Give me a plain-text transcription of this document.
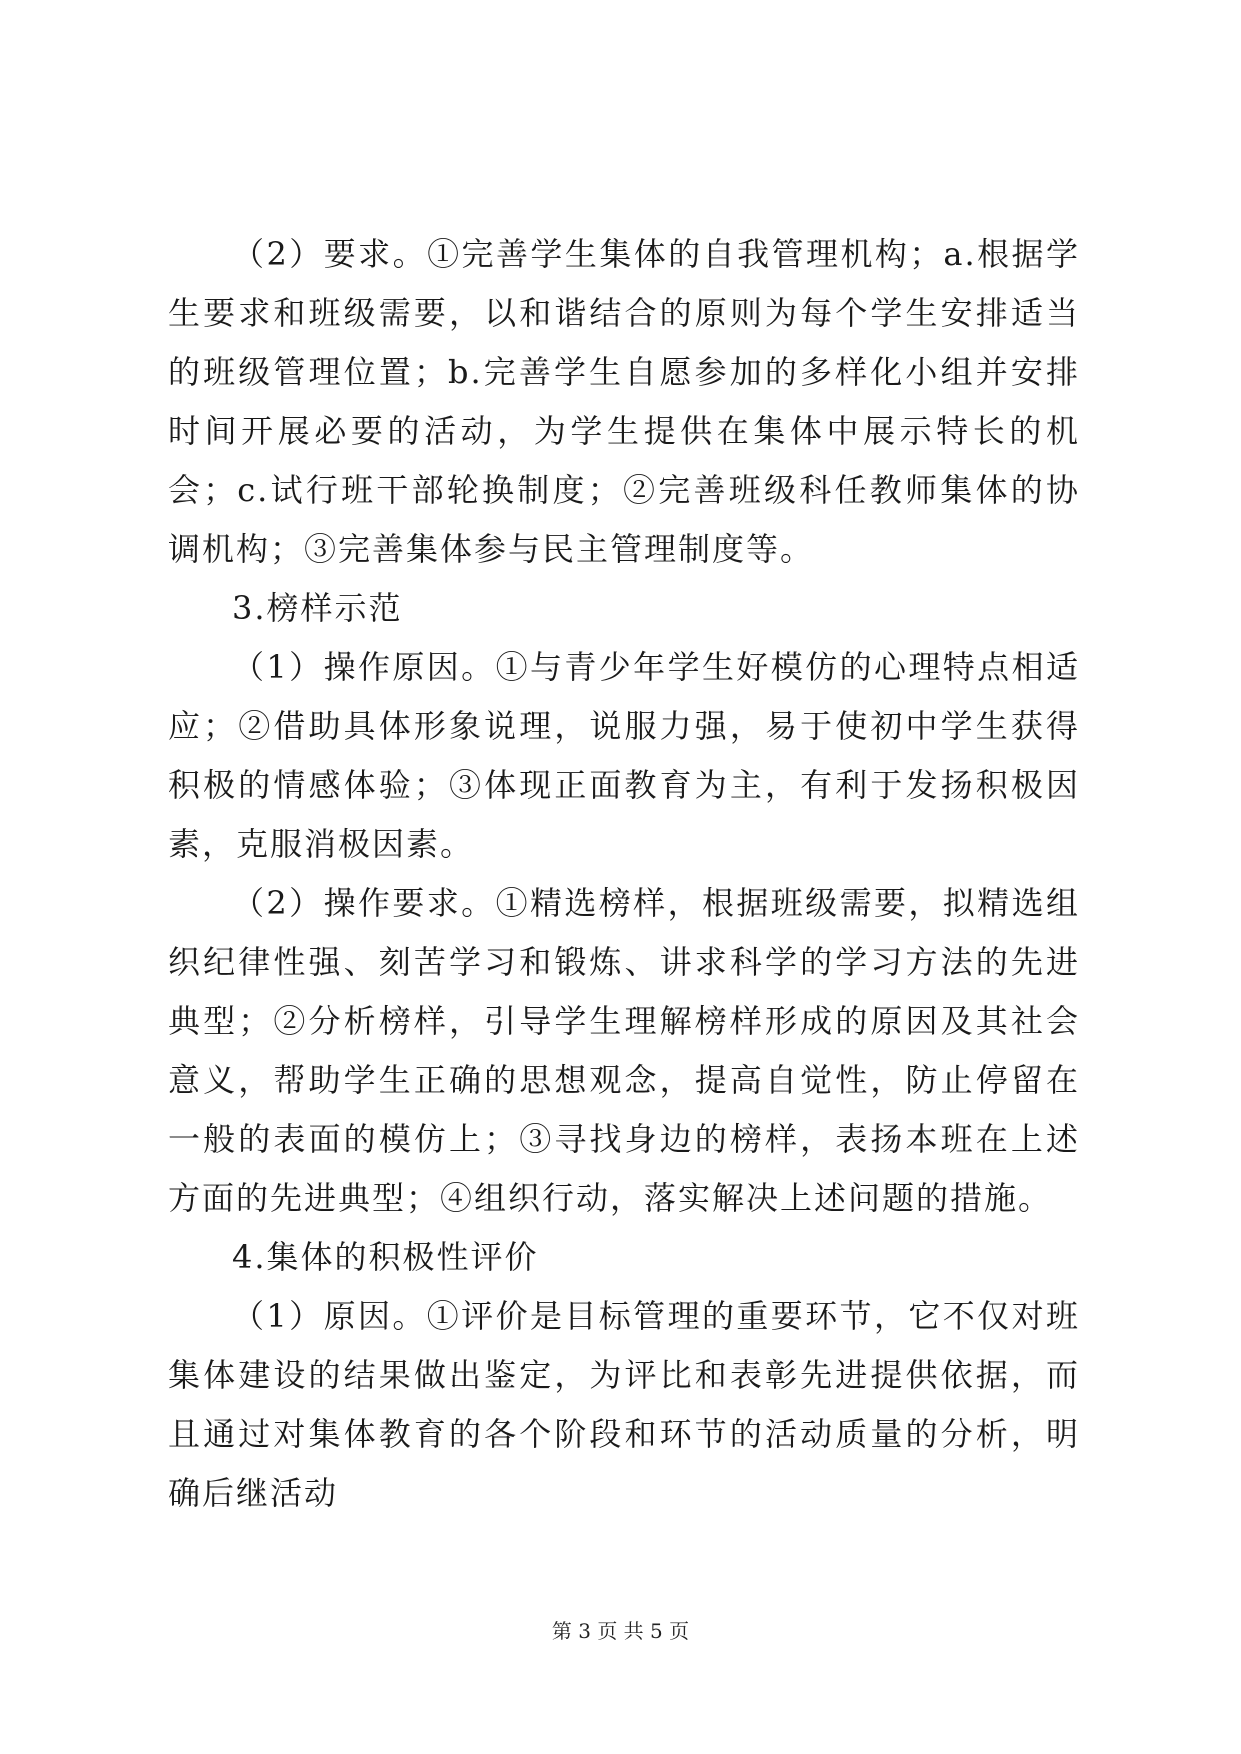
（2）要求。①完善学生集体的自我管理机构；a.根据学生要求和班级需要，以和谐结合的原则为每个学生安排适当的班级管理位置；b.完善学生自愿参加的多样化小组并安排时间开展必要的活动，为学生提供在集体中展示特长的机会；c.试行班干部轮换制度；②完善班级科任教师集体的协调机构；③完善集体参与民主管理制度等。

3.榜样示范

（1）操作原因。①与青少年学生好模仿的心理特点相适应；②借助具体形象说理，说服力强，易于使初中学生获得积极的情感体验；③体现正面教育为主，有利于发扬积极因素，克服消极因素。

（2）操作要求。①精选榜样，根据班级需要，拟精选组织纪律性强、刻苦学习和锻炼、讲求科学的学习方法的先进典型；②分析榜样，引导学生理解榜样形成的原因及其社会意义，帮助学生正确的思想观念，提高自觉性，防止停留在一般的表面的模仿上；③寻找身边的榜样，表扬本班在上述方面的先进典型；④组织行动，落实解决上述问题的措施。

4.集体的积极性评价

（1）原因。①评价是目标管理的重要环节，它不仅对班集体建设的结果做出鉴定，为评比和表彰先进提供依据，而且通过对集体教育的各个阶段和环节的活动质量的分析，明确后继活动

第 3 页 共 5 页
